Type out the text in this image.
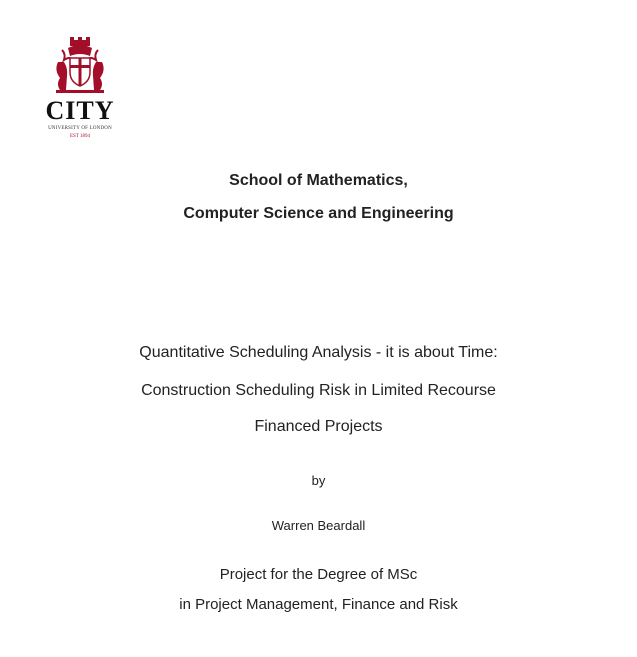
CITY
UNIVERSITY OF LONDON
EST 1894
School of Mathematics,
Computer Science and Engineering
Quantitative Scheduling Analysis - it is about Time:
Construction Scheduling Risk in Limited Recourse
Financed Projects
by
Warren Beardall
Project for the Degree of MSc
in Project Management, Finance and Risk
